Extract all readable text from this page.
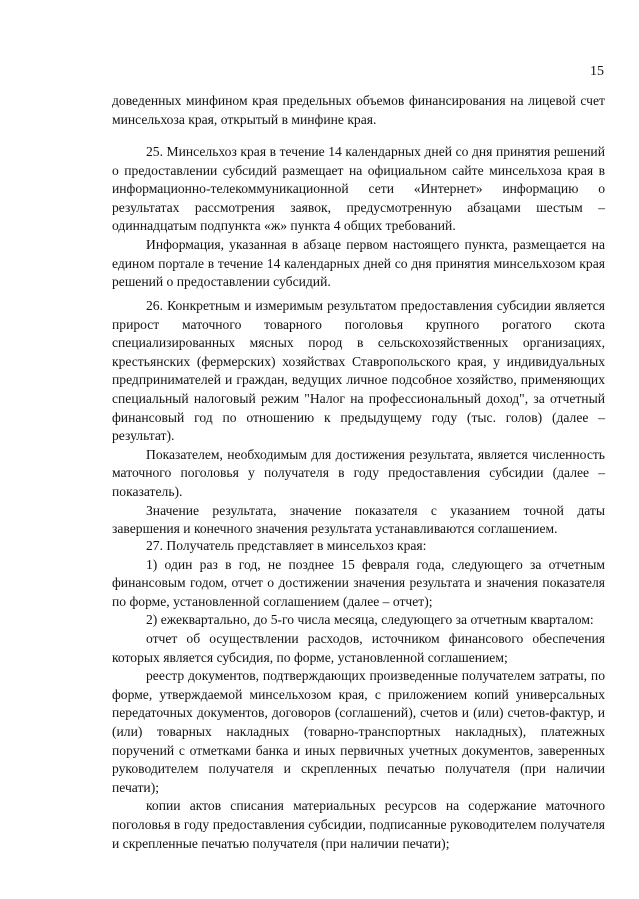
15

доведенных минфином края предельных объемов финансирования на лицевой счет минсельхоза края, открытый в минфине края.

25. Минсельхоз края в течение 14 календарных дней со дня принятия решений о предоставлении субсидий размещает на официальном сайте минсельхоза края в информационно-телекоммуникационной сети «Интернет» информацию о результатах рассмотрения заявок, предусмотренную абзацами шестым – одиннадцатым подпункта «ж» пункта 4 общих требований.

Информация, указанная в абзаце первом настоящего пункта, размещается на едином портале в течение 14 календарных дней со дня принятия минсельхозом края решений о предоставлении субсидий.

26. Конкретным и измеримым результатом предоставления субсидии является прирост маточного товарного поголовья крупного рогатого скота специализированных мясных пород в сельскохозяйственных организациях, крестьянских (фермерских) хозяйствах Ставропольского края, у индивидуальных предпринимателей и граждан, ведущих личное подсобное хозяйство, применяющих специальный налоговый режим "Налог на профессиональный доход", за отчетный финансовый год по отношению к предыдущему году (тыс. голов) (далее – результат).

Показателем, необходимым для достижения результата, является численность маточного поголовья у получателя в году предоставления субсидии (далее – показатель).

Значение результата, значение показателя с указанием точной даты завершения и конечного значения результата устанавливаются соглашением.

27. Получатель представляет в минсельхоз края:

1) один раз в год, не позднее 15 февраля года, следующего за отчетным финансовым годом, отчет о достижении значения результата и значения показателя по форме, установленной соглашением (далее – отчет);

2) ежеквартально, до 5-го числа месяца, следующего за отчетным кварталом:

отчет об осуществлении расходов, источником финансового обеспечения которых является субсидия, по форме, установленной соглашением;

реестр документов, подтверждающих произведенные получателем затраты, по форме, утверждаемой минсельхозом края, с приложением копий универсальных передаточных документов, договоров (соглашений), счетов и (или) счетов-фактур, и (или) товарных накладных (товарно-транспортных накладных), платежных поручений с отметками банка и иных первичных учетных документов, заверенных руководителем получателя и скрепленных печатью получателя (при наличии печати);

копии актов списания материальных ресурсов на содержание маточного поголовья в году предоставления субсидии, подписанные руководителем получателя и скрепленные печатью получателя (при наличии печати);
